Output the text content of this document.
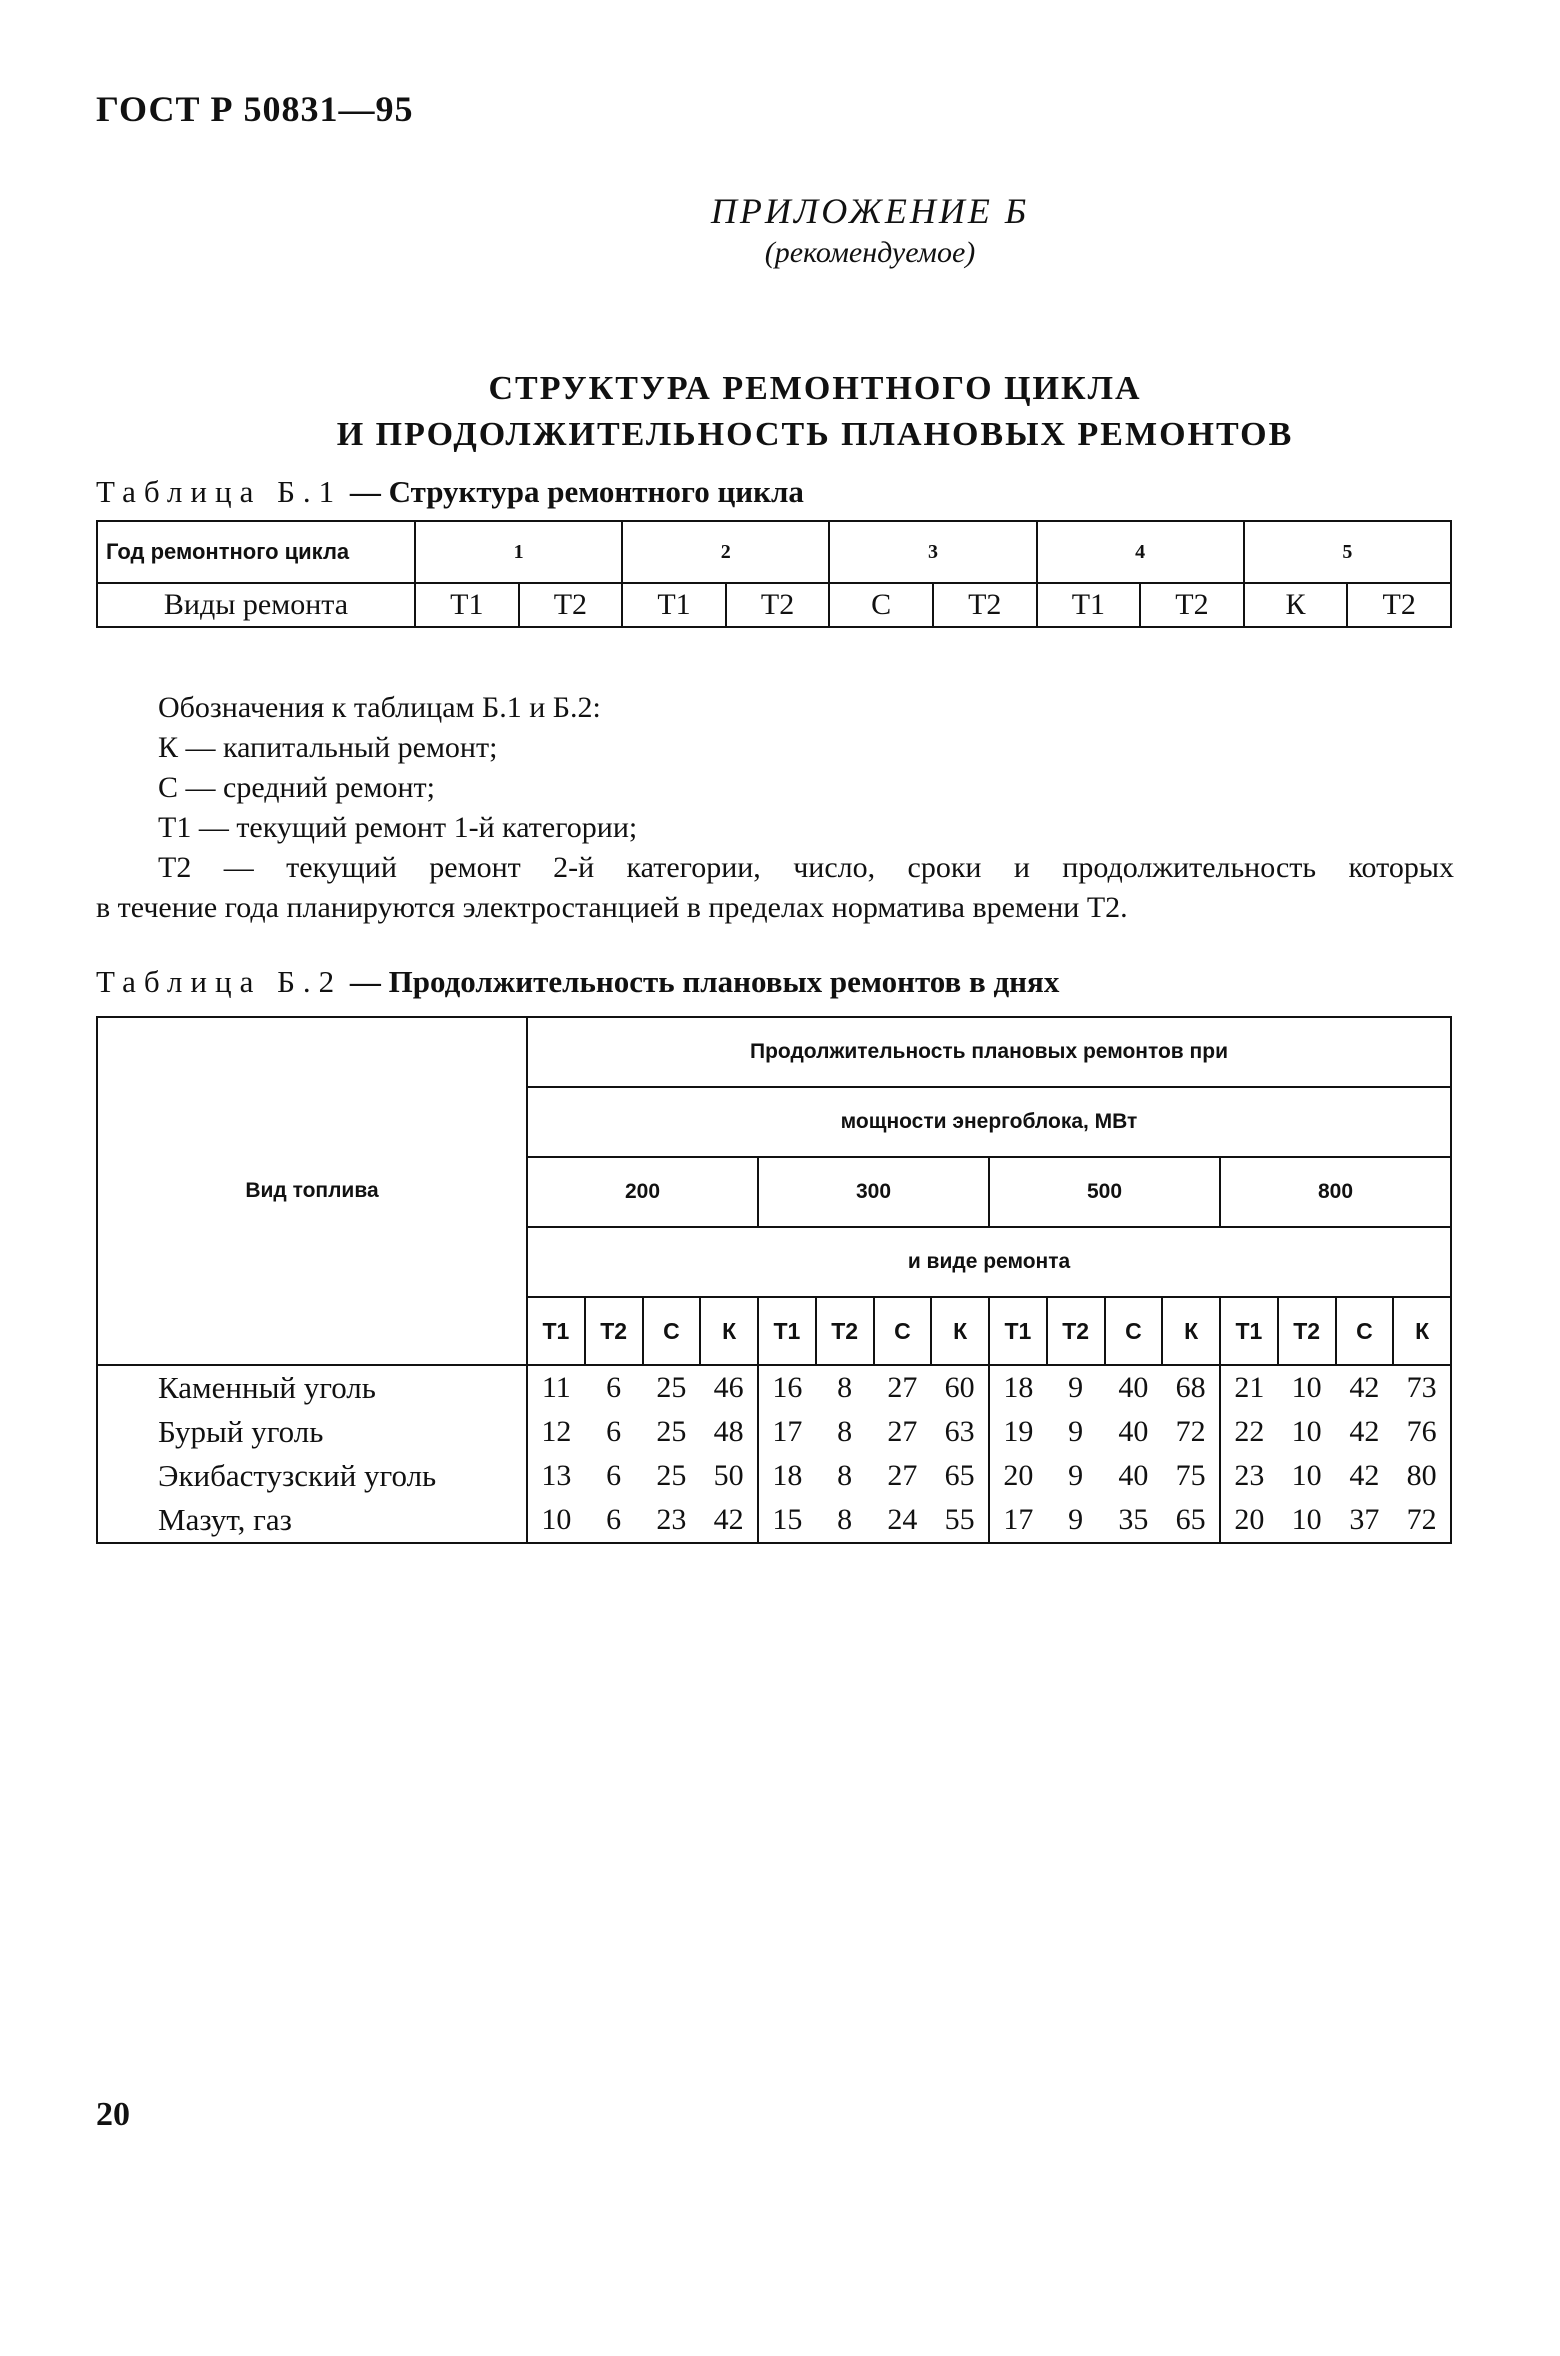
ГОСТ Р 50831—95
ПРИЛОЖЕНИЕ Б
(рекомендуемое)
СТРУКТУРА РЕМОНТНОГО ЦИКЛА
И ПРОДОЛЖИТЕЛЬНОСТЬ ПЛАНОВЫХ РЕМОНТОВ
Таблица Б.1 — Структура ремонтного цикла
Год ремонтного цикла	1		2		3		4		5	
Виды ремонта	Т1	Т2	Т1	Т2	С	Т2	Т1	Т2	К	Т2

Обозначения к таблицам Б.1 и Б.2:

К — капитальный ремонт;

С — средний ремонт;

Т1 — текущий ремонт 1-й категории;

Т2 — текущий ремонт 2-й категории, число, сроки и продолжительность которых

в течение года планируются электростанцией в пределах норматива времени Т2.

Таблица Б.2 — Продолжительность плановых ремонтов в днях
Вид топлива	Продолжительность плановых ремонтов при															
	мощности энергоблока, МВт															
	200				300				500				800			
	и виде ремонта															
	Т1	Т2	С	К	Т1	Т2	С	К	Т1	Т2	С	К	Т1	Т2	С	К
Каменный уголь	11	6	25	46	16	8	27	60	18	9	40	68	21	10	42	73
Бурый уголь	12	6	25	48	17	8	27	63	19	9	40	72	22	10	42	76
Экибастузский уголь	13	6	25	50	18	8	27	65	20	9	40	75	23	10	42	80
Мазут, газ	10	6	23	42	15	8	24	55	17	9	35	65	20	10	37	72
20
